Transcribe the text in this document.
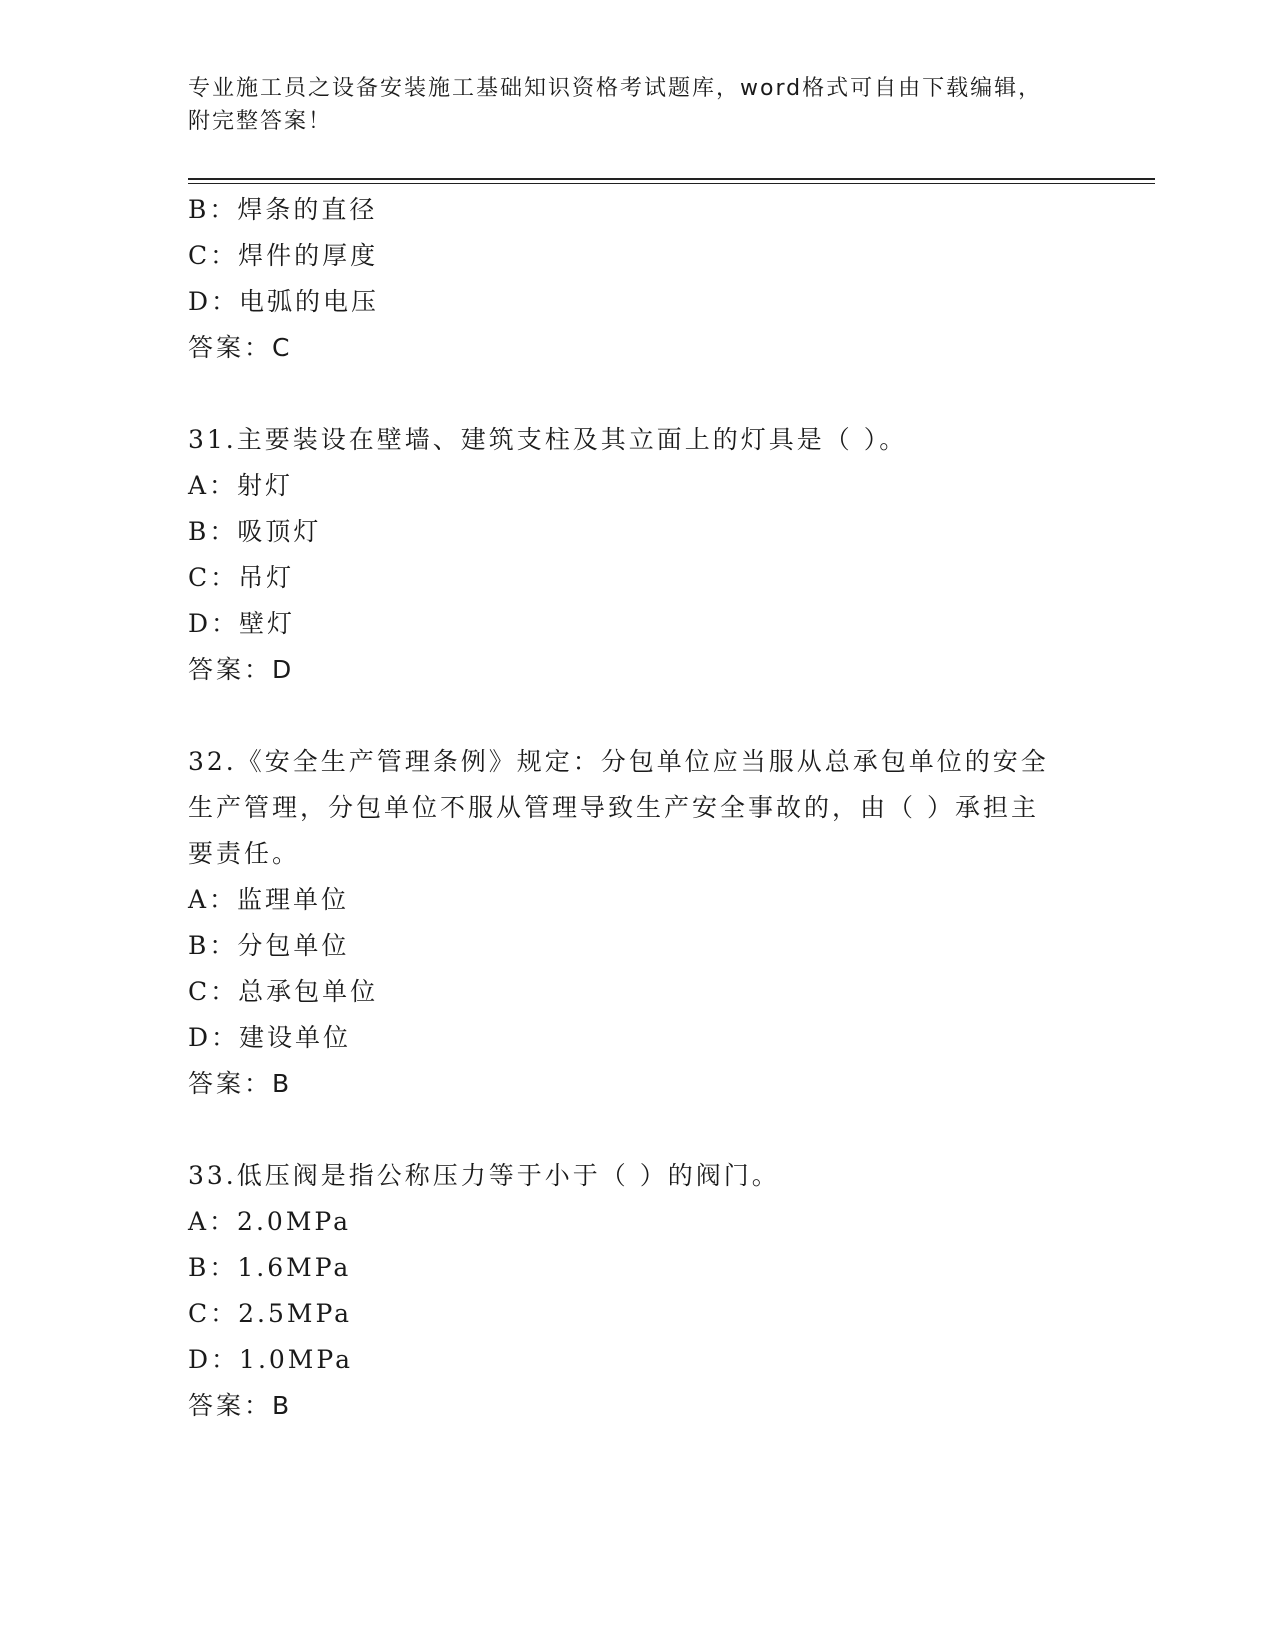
专业施工员之设备安装施工基础知识资格考试题库，word格式可自由下载编辑，
附完整答案！
B：焊条的直径
C：焊件的厚度
D：电弧的电压
答案：C
31.主要装设在壁墙、建筑支柱及其立面上的灯具是（ ）。
A：射灯
B：吸顶灯
C：吊灯
D：壁灯
答案：D
32.《安全生产管理条例》规定：分包单位应当服从总承包单位的安全
生产管理，分包单位不服从管理导致生产安全事故的，由（ ）承担主
要责任。
A：监理单位
B：分包单位
C：总承包单位
D：建设单位
答案：B
33.低压阀是指公称压力等于小于（ ）的阀门。
A：2.0MPa
B：1.6MPa
C：2.5MPa
D：1.0MPa
答案：B
